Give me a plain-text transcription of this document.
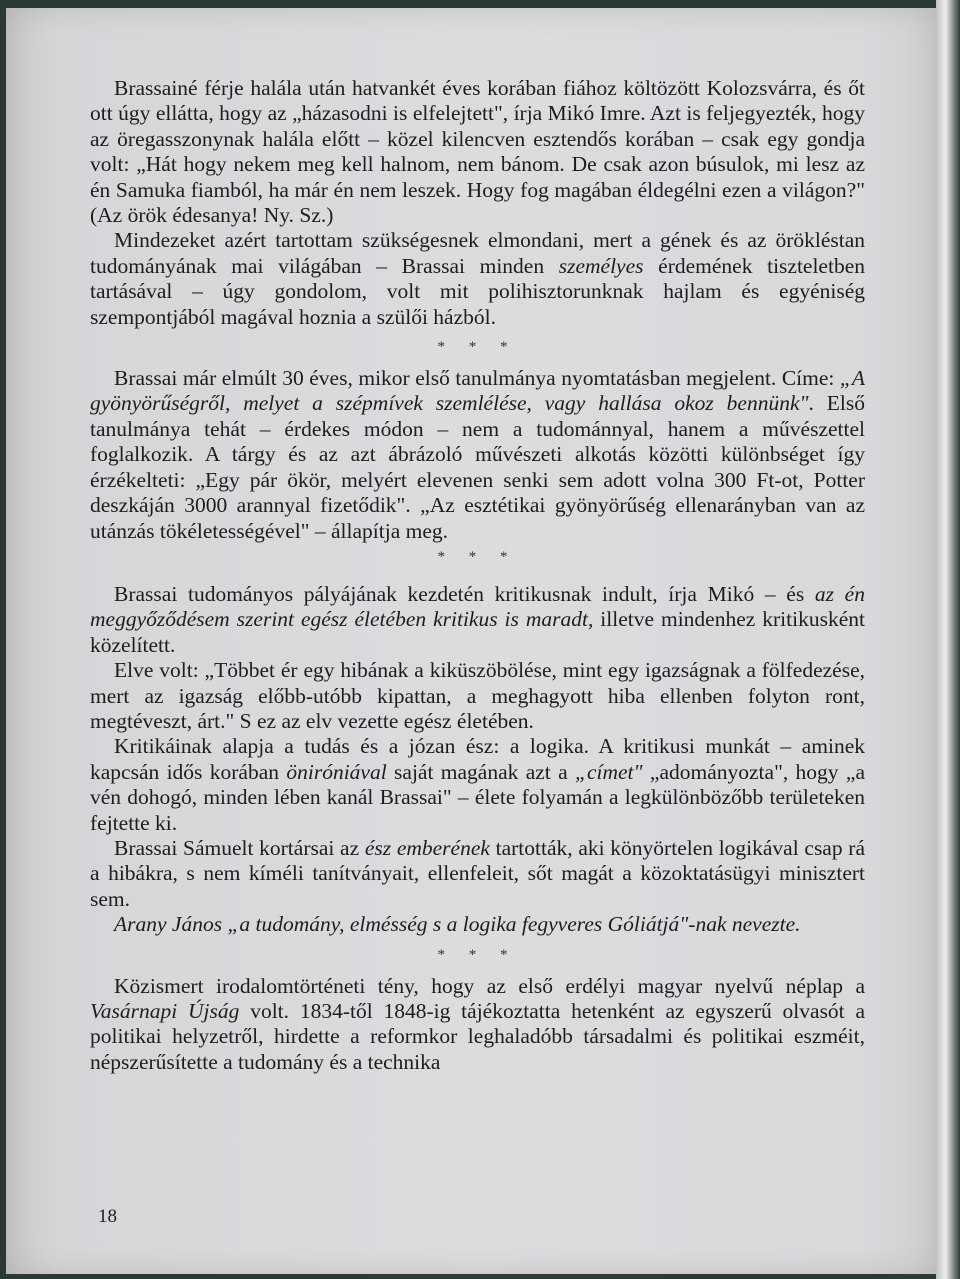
Brassainé férje halála után hatvankét éves korában fiához költözött Kolozsvárra, és őt ott úgy ellátta, hogy az „házasodni is elfelejtett", írja Mikó Imre. Azt is feljegyezték, hogy az öregasszonynak halála előtt – közel kilencven esztendős korában – csak egy gondja volt: „Hát hogy nekem meg kell halnom, nem bánom. De csak azon búsulok, mi lesz az én Samuka fiamból, ha már én nem leszek. Hogy fog magában éldegélni ezen a világon?" (Az örök édesanya! Ny. Sz.)

Mindezeket azért tartottam szükségesnek elmondani, mert a gének és az örökléstan tudományának mai világában – Brassai minden személyes érdemének tiszteletben tartásával – úgy gondolom, volt mit polihisztorunknak hajlam és egyéniség szempontjából magával hoznia a szülői házból.

* * *

Brassai már elmúlt 30 éves, mikor első tanulmánya nyomtatásban megjelent. Címe: „A gyönyörűségről, melyet a szépmívek szemlélése, vagy hallása okoz bennünk". Első tanulmánya tehát – érdekes módon – nem a tudománnyal, hanem a művészettel foglalkozik. A tárgy és az azt ábrázoló művészeti alkotás közötti különbséget így érzékelteti: „Egy pár ökör, melyért elevenen senki sem adott volna 300 Ft-ot, Potter deszkáján 3000 arannyal fizetődik". „Az esztétikai gyönyörűség ellenarányban van az utánzás tökéletességével" – állapítja meg.

* * *

Brassai tudományos pályájának kezdetén kritikusnak indult, írja Mikó – és az én meggyőződésem szerint egész életében kritikus is maradt, illetve mindenhez kritikusként közelített.

Elve volt: „Többet ér egy hibának a kiküszöbölése, mint egy igazságnak a fölfedezése, mert az igazság előbb-utóbb kipattan, a meghagyott hiba ellenben folyton ront, megtéveszt, árt." S ez az elv vezette egész életében.

Kritikáinak alapja a tudás és a józan ész: a logika. A kritikusi munkát – aminek kapcsán idős korában öniróniával saját magának azt a „címet" „adományozta", hogy „a vén dohogó, minden lében kanál Brassai" – élete folyamán a legkülönbözőbb területeken fejtette ki.

Brassai Sámuelt kortársai az ész emberének tartották, aki könyörtelen logikával csap rá a hibákra, s nem kíméli tanítványait, ellenfeleit, sőt magát a közoktatásügyi minisztert sem.

Arany János „a tudomány, elmésség s a logika fegyveres Góliátjá"-nak nevezte.

* * *

Közismert irodalomtörténeti tény, hogy az első erdélyi magyar nyelvű néplap a Vasárnapi Újság volt. 1834-től 1848-ig tájékoztatta hetenként az egyszerű olvasót a politikai helyzetről, hirdette a reformkor leghaladóbb társadalmi és politikai eszméit, népszerűsítette a tudomány és a technika

18
